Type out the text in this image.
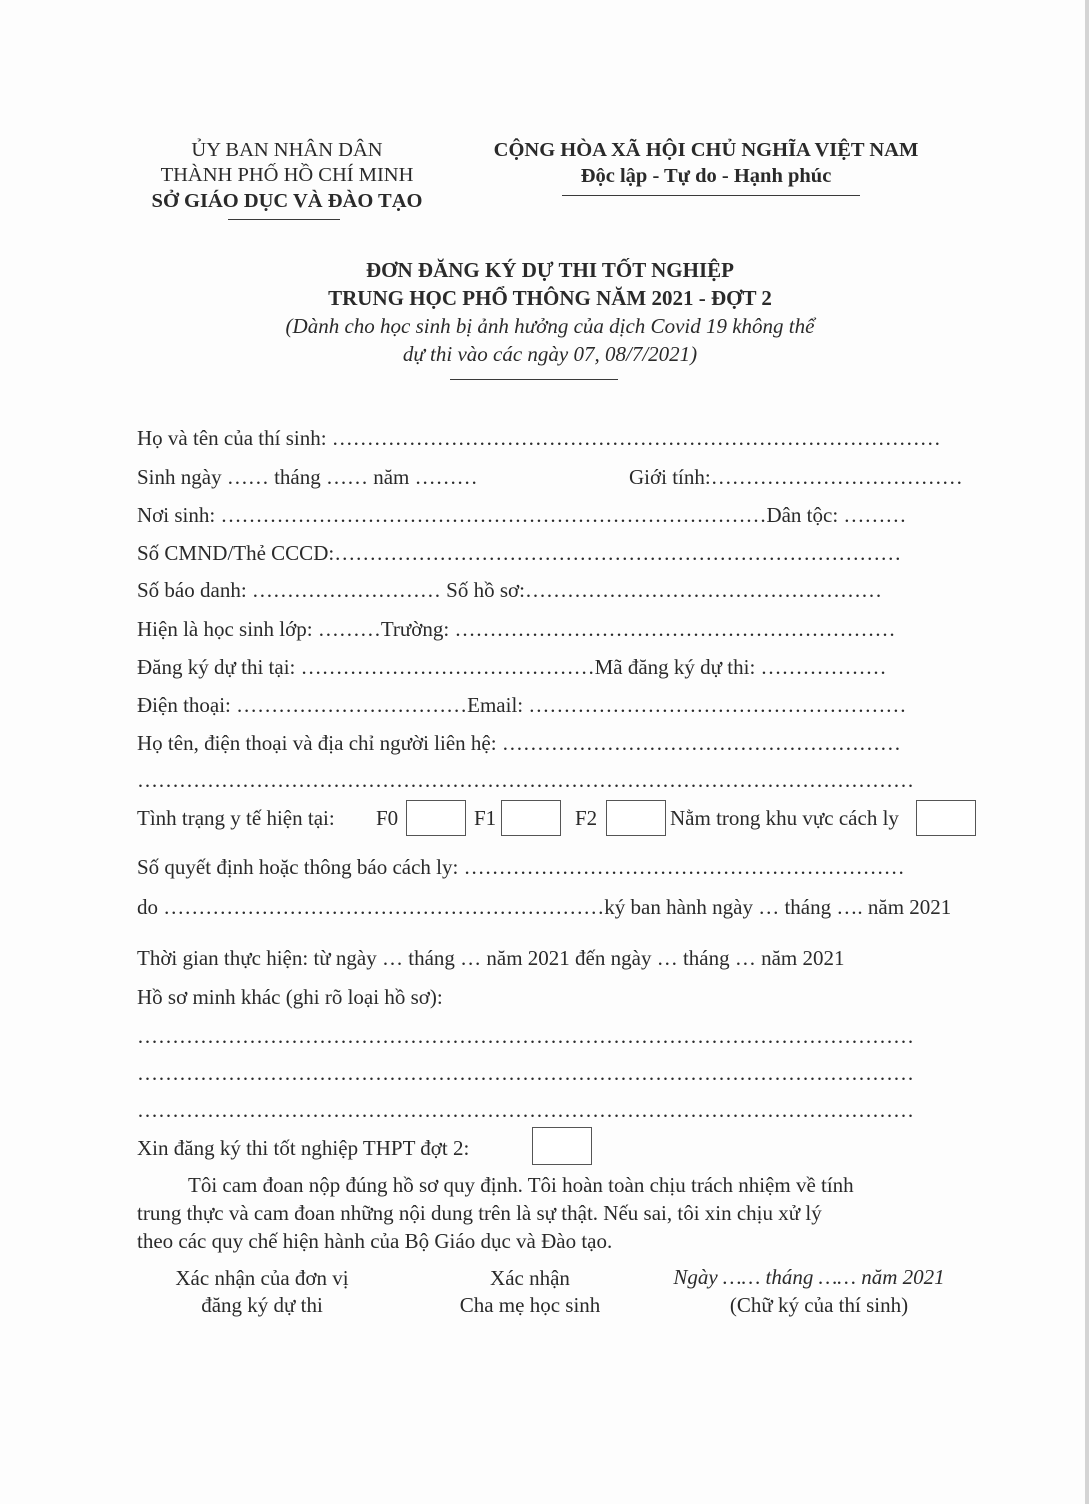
ỦY BAN NHÂN DÂN
THÀNH PHỐ HỒ CHÍ MINH
SỞ GIÁO DỤC VÀ ĐÀO TẠO
CỘNG HÒA XÃ HỘI CHỦ NGHĨA VIỆT NAM
Độc lập - Tự do - Hạnh phúc
ĐƠN ĐĂNG KÝ DỰ THI TỐT NGHIỆP
TRUNG HỌC PHỔ THÔNG NĂM 2021 - ĐỢT 2
(Dành cho học sinh bị ảnh hưởng của dịch Covid 19 không thể
dự thi vào các ngày 07, 08/7/2021)
Họ và tên của thí sinh: ……………………………………………………………………………
Sinh ngày …… tháng …… năm ………	Giới tính:………………………………
Nơi sinh: ……………………………………………………………………Dân tộc: ………
Số CMND/Thẻ CCCD:………………………………………………………………………
Số báo danh: ……………………… Số hồ sơ:……………………………………………
Hiện là học sinh lớp: ………Trường: ………………………………………………………
Đăng ký dự thi tại: ……………………………………Mã đăng ký dự thi: ………………
Điện thoại: ……………………………Email: ………………………………………………
Họ tên, điện thoại và địa chỉ người liên hệ: …………………………………………………
…………………………………………………………………………………………………
Tình trạng y tế hiện tại: F0	F1	F2	Nằm trong khu vực cách ly
Số quyết định hoặc thông báo cách ly: ………………………………………………………
do ………………………………………………………ký ban hành ngày … tháng …. năm 2021
Thời gian thực hiện: từ ngày … tháng … năm 2021 đến ngày … tháng … năm 2021
Hồ sơ minh khác (ghi rõ loại hồ sơ):
…………………………………………………………………………………………………
…………………………………………………………………………………………………
…………………………………………………………………………………………………
Xin đăng ký thi tốt nghiệp THPT đợt 2:
Tôi cam đoan nộp đúng hồ sơ quy định. Tôi hoàn toàn chịu trách nhiệm về tính
trung thực và cam đoan những nội dung trên là sự thật. Nếu sai, tôi xin chịu xử lý
theo các quy chế hiện hành của Bộ Giáo dục và Đào tạo.
Xác nhận của đơn vị
đăng ký dự thi
Xác nhận
Cha mẹ học sinh
Ngày …… tháng …… năm 2021
(Chữ ký của thí sinh)
